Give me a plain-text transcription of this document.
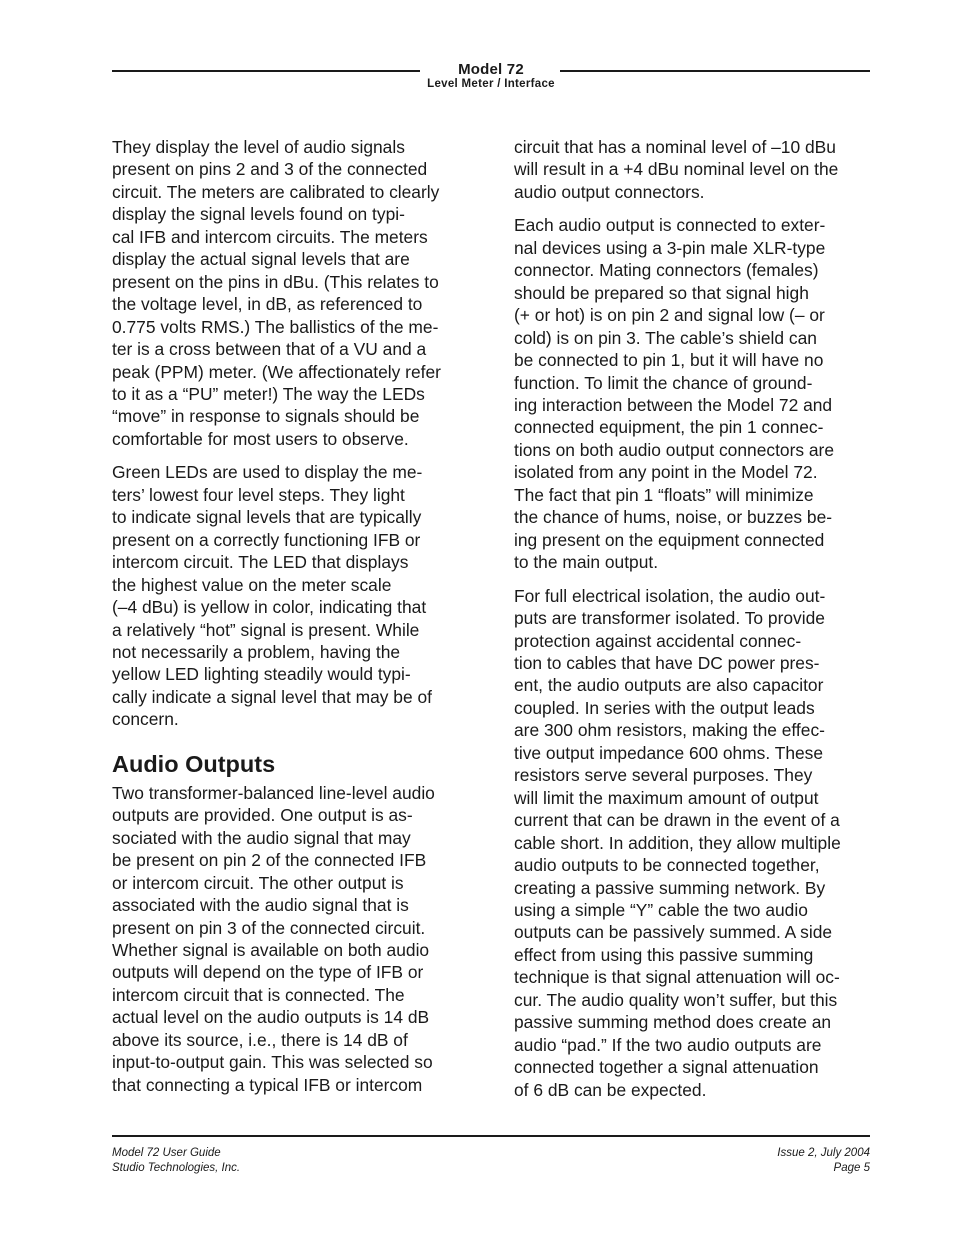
Model 72
Level Meter / Interface

They display the level of audio signals
present on pins 2 and 3 of the connected
circuit. The meters are calibrated to clearly
display the signal levels found on typi-
cal IFB and intercom circuits. The meters
display the actual signal levels that are
present on the pins in dBu. (This relates to
the voltage level, in dB, as referenced to
0.775 volts RMS.) The ballistics of the me-
ter is a cross between that of a VU and a
peak (PPM) meter. (We affectionately refer
to it as a “PU” meter!) The way the LEDs
“move” in response to signals should be
comfortable for most users to observe.

Green LEDs are used to display the me-
ters’ lowest four level steps. They light
to indicate signal levels that are typically
present on a correctly functioning IFB or
intercom circuit. The LED that displays
the highest value on the meter scale
(–4 dBu) is yellow in color, indicating that
a relatively “hot” signal is present. While
not necessarily a problem, having the
yellow LED lighting steadily would typi-
cally indicate a signal level that may be of
concern.

Audio Outputs

Two transformer-balanced line-level audio
outputs are provided. One output is as-
sociated with the audio signal that may
be present on pin 2 of the connected IFB
or intercom circuit. The other output is
associated with the audio signal that is
present on pin 3 of the connected circuit.
Whether signal is available on both audio
outputs will depend on the type of IFB or
intercom circuit that is connected. The
actual level on the audio outputs is 14 dB
above its source, i.e., there is 14 dB of
input-to-output gain. This was selected so
that connecting a typical IFB or intercom

circuit that has a nominal level of –10 dBu
will result in a +4 dBu nominal level on the
audio output connectors.

Each audio output is connected to exter-
nal devices using a 3-pin male XLR-type
connector. Mating connectors (females)
should be prepared so that signal high
(+ or hot) is on pin 2 and signal low (– or
cold) is on pin 3. The cable’s shield can
be connected to pin 1, but it will have no
function. To limit the chance of ground-
ing interaction between the Model 72 and
connected equipment, the pin 1 connec-
tions on both audio output connectors are
isolated from any point in the Model 72.
The fact that pin 1 “floats” will minimize
the chance of hums, noise, or buzzes be-
ing present on the equipment connected
to the main output.

For full electrical isolation, the audio out-
puts are transformer isolated. To provide
protection against accidental connec-
tion to cables that have DC power pres-
ent, the audio outputs are also capacitor
coupled. In series with the output leads
are 300 ohm resistors, making the effec-
tive output impedance 600 ohms. These
resistors serve several purposes. They
will limit the maximum amount of output
current that can be drawn in the event of a
cable short. In addition, they allow multiple
audio outputs to be connected together,
creating a passive summing network. By
using a simple “Y” cable the two audio
outputs can be passively summed. A side
effect from using this passive summing
technique is that signal attenuation will oc-
cur. The audio quality won’t suffer, but this
passive summing method does create an
audio “pad.” If the two audio outputs are
connected together a signal attenuation
of 6 dB can be expected.

Model 72 User Guide
Studio Technologies, Inc.
Issue 2, July 2004
Page 5
